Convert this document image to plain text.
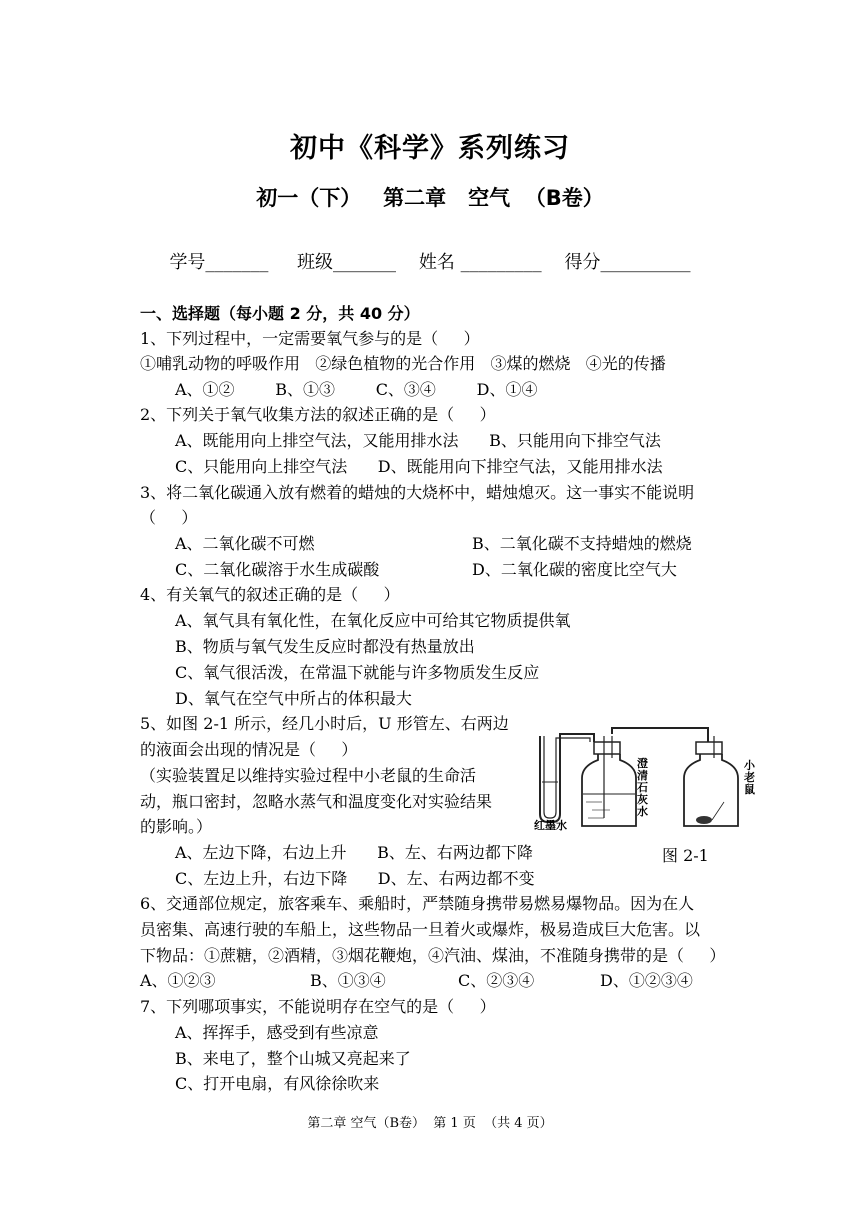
初中《科学》系列练习
初一（下）   第二章   空气  （B卷）
学号_______     班级_______    姓名 _________    得分__________
一、选择题（每小题 2 分，共 40 分）
1、下列过程中，一定需要氧气参与的是（     ）
①哺乳动物的呼吸作用   ②绿色植物的光合作用   ③煤的燃烧   ④光的传播
A、①②        B、①③        C、③④        D、①④
2、下列关于氧气收集方法的叙述正确的是（     ）
A、既能用向上排空气法，又能用排水法      B、只能用向下排空气法
C、只能用向上排空气法      D、既能用向下排空气法，又能用排水法
3、将二氧化碳通入放有燃着的蜡烛的大烧杯中，蜡烛熄灭。这一事实不能说明
（     ）
A、二氧化碳不可燃	B、二氧化碳不支持蜡烛的燃烧
C、二氧化碳溶于水生成碳酸	D、二氧化碳的密度比空气大
4、有关氧气的叙述正确的是（     ）
A、氧气具有氧化性，在氧化反应中可给其它物质提供氧
B、物质与氧气发生反应时都没有热量放出
C、氧气很活泼，在常温下就能与许多物质发生反应
D、氧气在空气中所占的体积最大
5、如图 2-1 所示，经几小时后，U 形管左、右两边
的液面会出现的情况是（     ）
（实验装置足以维持实验过程中小老鼠的生命活
动，瓶口密封，忽略水蒸气和温度变化对实验结果
的影响。）
A、左边下降，右边上升      B、左、右两边都下降
C、左边上升，右边下降      D、左、右两边都不变
6、交通部位规定，旅客乘车、乘船时，严禁随身携带易燃易爆物品。因为在人
员密集、高速行驶的车船上，这些物品一旦着火或爆炸，极易造成巨大危害。以
下物品：①蔗糖，②酒精，③烟花鞭炮，④汽油、煤油，不准随身携带的是（     ）
A、①②③	B、①③④	C、②③④	D、①②③④
7、下列哪项事实，不能说明存在空气的是（     ）
A、挥挥手，感受到有些凉意
B、来电了，整个山城又亮起来了
C、打开电扇，有风徐徐吹来
红墨水
澄清石灰水
小老鼠
图 2-1
第二章 空气（B卷）  第 1 页  （共 4 页）
